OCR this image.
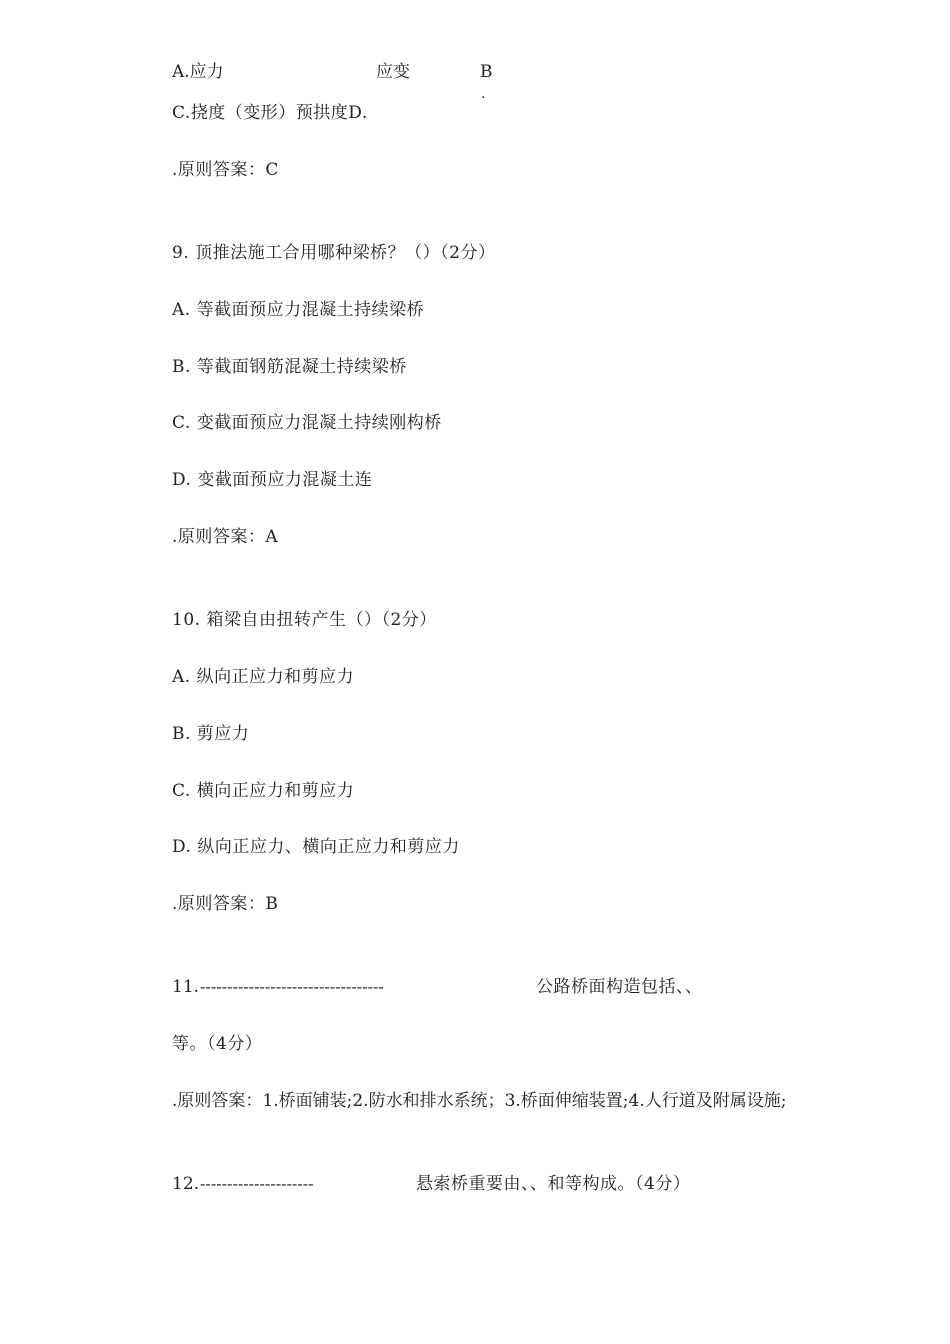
A.应力	应变	B
.
C.挠度（变形）预拱度D.
.原则答案：C
9. 顶推法施工合用哪种梁桥？（）（2分）
A. 等截面预应力混凝土持续梁桥
B. 等截面钢筋混凝土持续梁桥
C. 变截面预应力混凝土持续刚构桥
D. 变截面预应力混凝土连
.原则答案：A
10. 箱梁自由扭转产生（）（2分）
A. 纵向正应力和剪应力
B. 剪应力
C. 横向正应力和剪应力
D. 纵向正应力、横向正应力和剪应力
.原则答案：B
11. ----------------------------------	公路桥面构造包括、、
等。（4分）
.原则答案：1.桥面铺装;2.防水和排水系统；3.桥面伸缩装置;4.人行道及附属设施;
12. ---------------------	悬索桥重要由、、和等构成。（4分）
